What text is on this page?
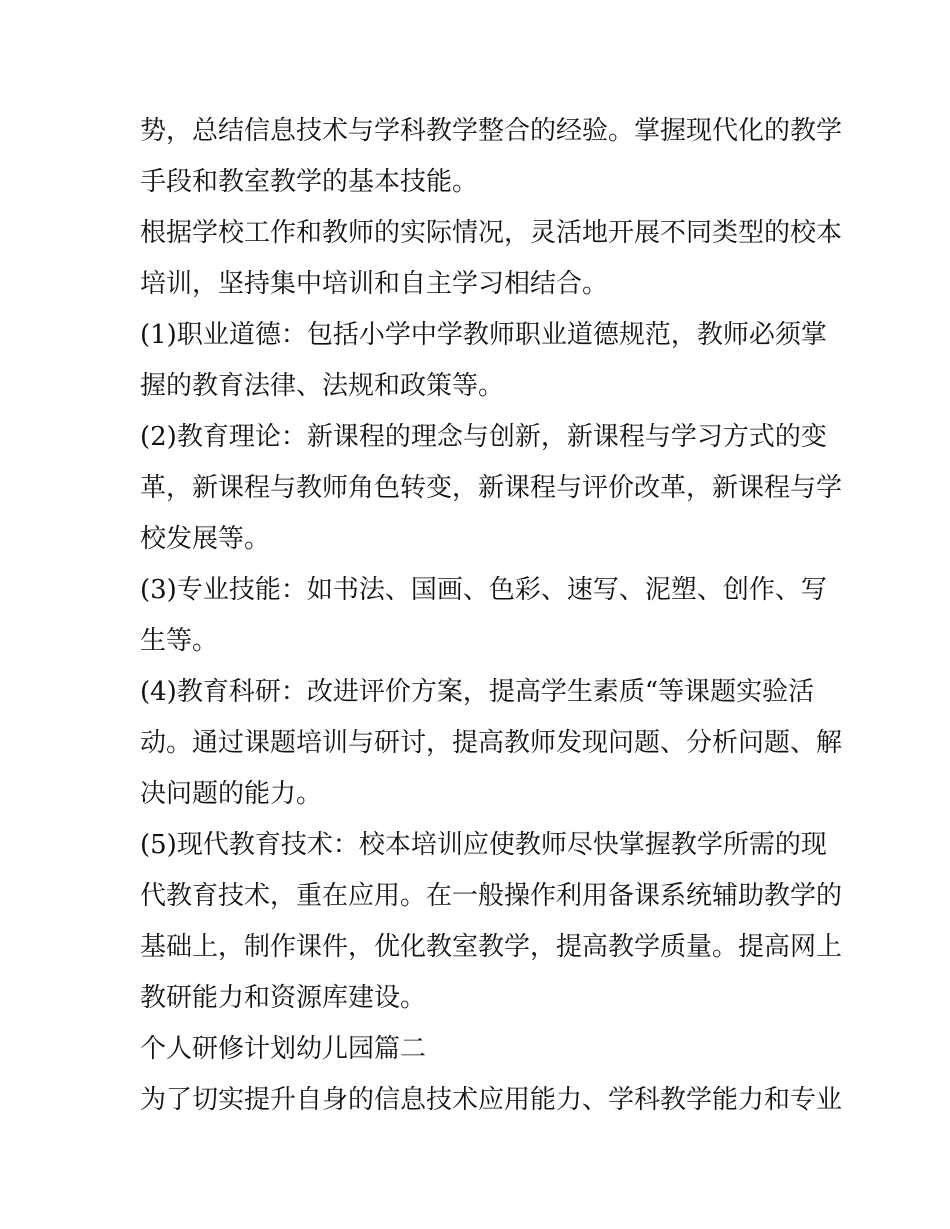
势，总结信息技术与学科教学整合的经验。掌握现代化的教学
手段和教室教学的基本技能。
根据学校工作和教师的实际情况，灵活地开展不同类型的校本
培训，坚持集中培训和自主学习相结合。
(1)职业道德：包括小学中学教师职业道德规范，教师必须掌
握的教育法律、法规和政策等。
(2)教育理论：新课程的理念与创新，新课程与学习方式的变
革，新课程与教师角色转变，新课程与评价改革，新课程与学
校发展等。
(3)专业技能：如书法、国画、色彩、速写、泥塑、创作、写
生等。
(4)教育科研：改进评价方案，提高学生素质“等课题实验活
动。通过课题培训与研讨，提高教师发现问题、分析问题、解
决问题的能力。
(5)现代教育技术：校本培训应使教师尽快掌握教学所需的现
代教育技术，重在应用。在一般操作利用备课系统辅助教学的
基础上，制作课件，优化教室教学，提高教学质量。提高网上
教研能力和资源库建设。
个人研修计划幼儿园篇二
为了切实提升自身的信息技术应用能力、学科教学能力和专业
